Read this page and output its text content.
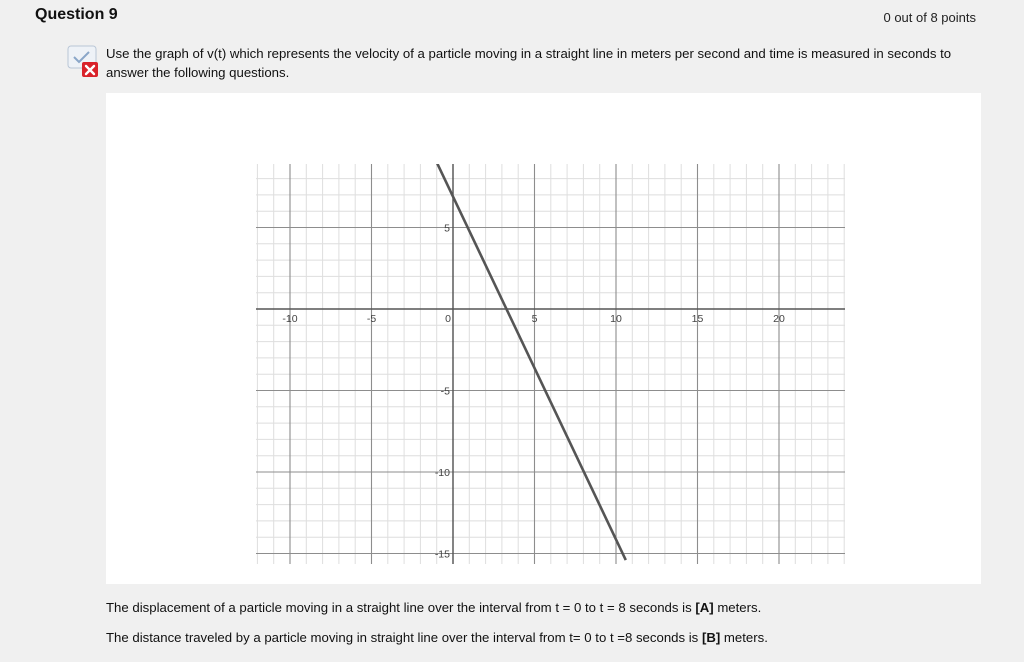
Question 9	0 out of 8 points
Use the graph of v(t) which represents the velocity of a particle moving in a straight line in meters per second and time is measured in seconds to answer the following questions.
-10	-5	0	5	10	15	20
5
-5
-10
-15
The displacement of a particle moving in a straight line over the interval from t = 0 to t = 8 seconds is [A] meters.
The distance traveled by a particle moving in straight line over the interval from t= 0 to t =8 seconds is [B] meters.
